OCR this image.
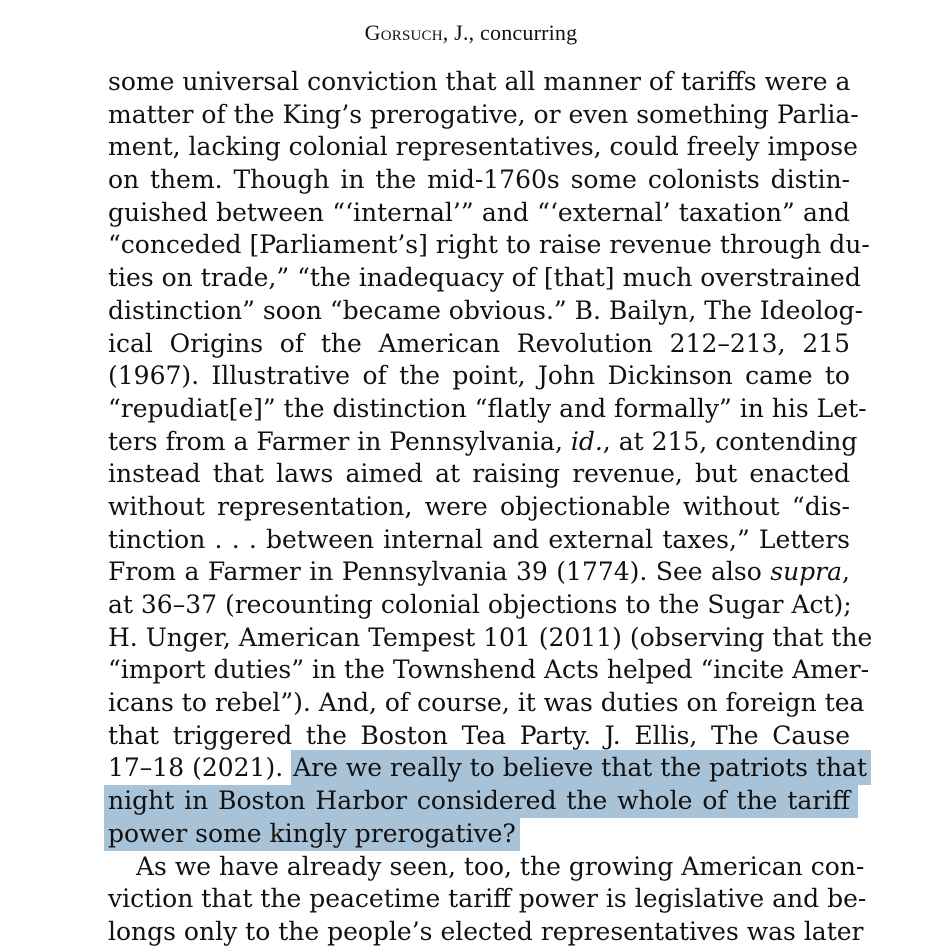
Gorsuch, J., concurring
some universal conviction that all manner of tariffs were a
matter of the King’s prerogative, or even something Parlia-
ment, lacking colonial representatives, could freely impose
on them. Though in the mid-1760s some colonists distin-
guished between “‘internal’” and “‘external’ taxation” and
“conceded [Parliament’s] right to raise revenue through du-
ties on trade,” “the inadequacy of [that] much overstrained
distinction” soon “became obvious.” B. Bailyn, The Ideolog-
ical Origins of the American Revolution 212–213, 215
(1967). Illustrative of the point, John Dickinson came to
“repudiat[e]” the distinction “flatly and formally” in his Let-
ters from a Farmer in Pennsylvania, id., at 215, contending
instead that laws aimed at raising revenue, but enacted
without representation, were objectionable without “dis-
tinction . . . between internal and external taxes,” Letters
From a Farmer in Pennsylvania 39 (1774). See also supra,
at 36–37 (recounting colonial objections to the Sugar Act);
H. Unger, American Tempest 101 (2011) (observing that the
“import duties” in the Townshend Acts helped “incite Amer-
icans to rebel”). And, of course, it was duties on foreign tea
that triggered the Boston Tea Party. J. Ellis, The Cause
17–18 (2021). Are we really to believe that the patriots that
night in Boston Harbor considered the whole of the tariff
power some kingly prerogative?
As we have already seen, too, the growing American con-
viction that the peacetime tariff power is legislative and be-
longs only to the people’s elected representatives was later
